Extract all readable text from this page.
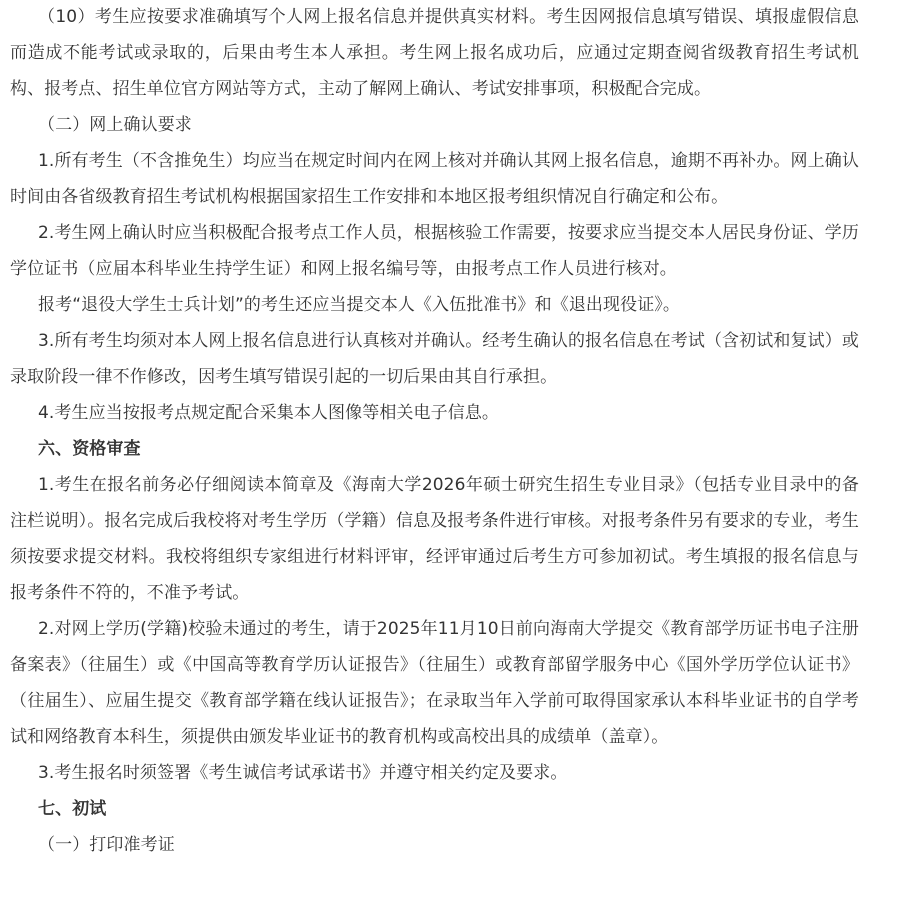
（10）考生应按要求准确填写个人网上报名信息并提供真实材料。考生因网报信息填写错误、填报虚假信息而造成不能考试或录取的，后果由考生本人承担。考生网上报名成功后，应通过定期查阅省级教育招生考试机构、报考点、招生单位官方网站等方式，主动了解网上确认、考试安排事项，积极配合完成。

（二）网上确认要求

1.所有考生（不含推免生）均应当在规定时间内在网上核对并确认其网上报名信息，逾期不再补办。网上确认时间由各省级教育招生考试机构根据国家招生工作安排和本地区报考组织情况自行确定和公布。

2.考生网上确认时应当积极配合报考点工作人员，根据核验工作需要，按要求应当提交本人居民身份证、学历学位证书（应届本科毕业生持学生证）和网上报名编号等，由报考点工作人员进行核对。

报考“退役大学生士兵计划”的考生还应当提交本人《入伍批准书》和《退出现役证》。

3.所有考生均须对本人网上报名信息进行认真核对并确认。经考生确认的报名信息在考试（含初试和复试）或录取阶段一律不作修改，因考生填写错误引起的一切后果由其自行承担。

4.考生应当按报考点规定配合采集本人图像等相关电子信息。

六、资格审查

1.考生在报名前务必仔细阅读本简章及《海南大学2026年硕士研究生招生专业目录》（包括专业目录中的备注栏说明）。报名完成后我校将对考生学历（学籍）信息及报考条件进行审核。对报考条件另有要求的专业，考生须按要求提交材料。我校将组织专家组进行材料评审，经评审通过后考生方可参加初试。考生填报的报名信息与报考条件不符的，不准予考试。

2.对网上学历(学籍)校验未通过的考生，请于2025年11月10日前向海南大学提交《教育部学历证书电子注册备案表》（往届生）或《中国高等教育学历认证报告》（往届生）或教育部留学服务中心《国外学历学位认证书》（往届生）、应届生提交《教育部学籍在线认证报告》；在录取当年入学前可取得国家承认本科毕业证书的自学考试和网络教育本科生，须提供由颁发毕业证书的教育机构或高校出具的成绩单（盖章）。

3.考生报名时须签署《考生诚信考试承诺书》并遵守相关约定及要求。

七、初试

（一）打印准考证
